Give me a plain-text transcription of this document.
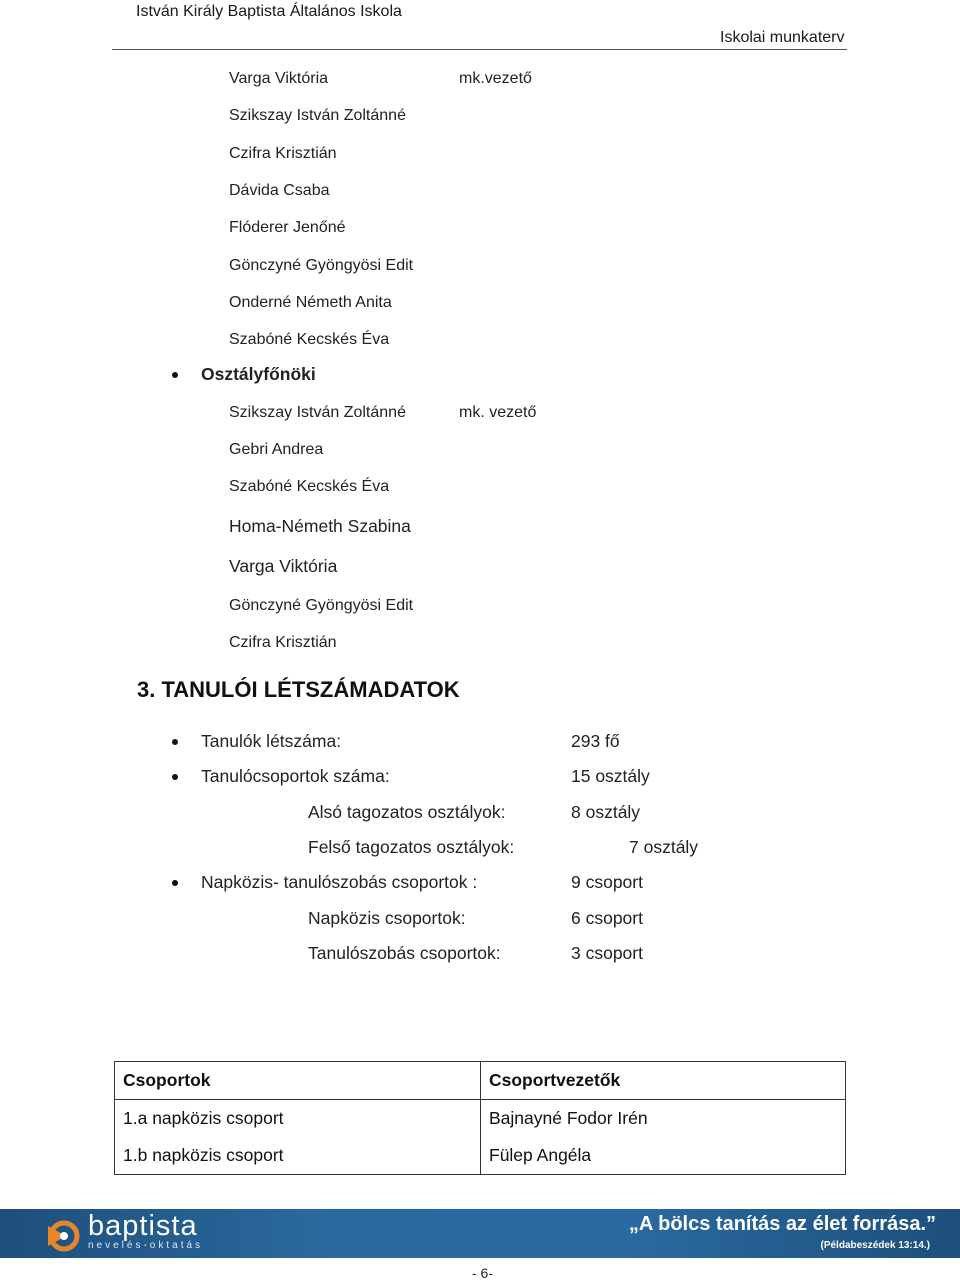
István Király Baptista Általános Iskola
Iskolai munkaterv
Varga Viktória	mk.vezető
Szikszay István Zoltánné
Czifra Krisztián
Dávida Csaba
Flóderer Jenőné
Gönczyné Gyöngyösi Edit
Onderné Németh Anita
Szabóné Kecskés Éva
Osztályfőnöki
Szikszay István Zoltánné	mk. vezető
Gebri Andrea
Szabóné Kecskés Éva
Homa-Németh Szabina
Varga Viktória
Gönczyné Gyöngyösi Edit
Czifra Krisztián
3. TANULÓI LÉTSZÁMADATOK
Tanulók létszáma:	293 fő
Tanulócsoportok száma:	15 osztály
Alsó tagozatos osztályok:	8 osztály
Felső tagozatos osztályok:	7 osztály
Napközis- tanulószobás csoportok :	9 csoport
Napközis csoportok:	6 csoport
Tanulószobás csoportok:	3 csoport
Csoportok	Csoportvezetők
1.a napközis csoport	Bajnayné Fodor Irén
1.b napközis csoport	Fülep Angéla
baptista
nevelés-oktatás
„A bölcs tanítás az élet forrása.”
(Példabeszédek 13:14.)
- 6-
